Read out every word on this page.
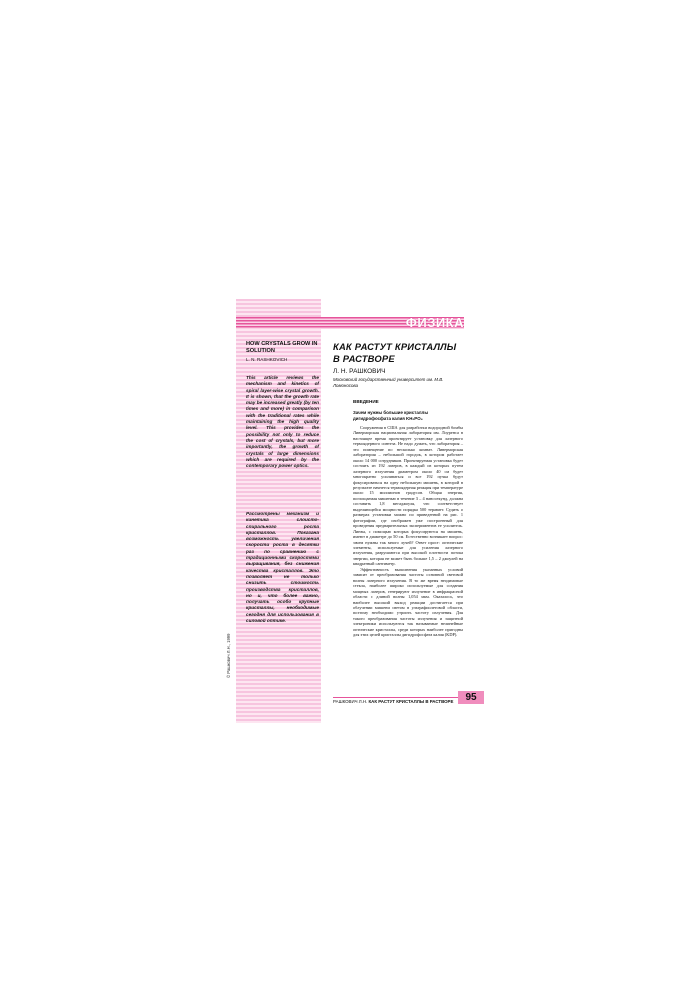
ФИЗИКА
HOW CRYSTALS GROW IN SOLUTION
L. N. RASHKOVICH
This article reviews the mechanism and kinetics of spiral layer-wise crystal growth. It is shown, that the growth rate may be increased greatly (by ten times and more) in comparison with the traditional rates while maintaining the high quality level. This provides the possibility not only to reduce the cost of crystals, but more importantly, the growth of crystals of large dimensions which are required by the contemporary power optics.
Рассмотрены механизм и кинетика слоисто-спирального роста кристаллов. Показана возможность увеличения скорости роста в десятки раз по сравнению с традиционными скоростями выращивания, без снижения качества кристаллов. Это позволяет не только снизить стоимость производства кристаллов, но и, что более важно, получать особо крупные кристаллы, необходимые сегодня для использования в силовой оптике.
© Рашкович Л.Н., 1999
КАК РАСТУТ КРИСТАЛЛЫ В РАСТВОРЕ
Л. Н. РАШКОВИЧ
Московский государственный университет им. М.В. Ломоносова
ВВЕДЕНИЕ
Зачем нужны большие кристаллы дигидрофосфата калия KH₂PO₄

Сооружения в США для разработки водородной бомбы Ливерморская национальная лаборатория им. Лоуренса в настоящее время проектирует установку для лазерного термоядерного синтеза. Не надо думать, что лаборатория – это помещение по несколько комнат. Ливерморская лаборатория – небольшой городок, в котором работает около 14 000 сотрудников. Проектируемая установка будет состоять из 192 лазеров, в каждый из которых путем лазерного излучения диаметром около 40 см будет многократно усиливаться и все 192 пучка будут фокусироваться на одну небольшую мишень, в которой в результате начнется термоядерная реакция при температуре около 15 миллионов градусов. Общая энергия, поглощаемая мишенью в течение 3 – 4 наносекунд, должна составить 1,8 мегаджоуля, что соответствует выделяющейся мощности порядка 500 тераватт. Судить о размерах установки можно по приведенной на рис. 1 фотографии, где изображен уже построенный для проведения предварительных экспериментов ее усилитель. Линзы, с помощью которых фокусируются на мишень, имеют в диаметре до 50 см. Естественно возникает вопрос: зачем нужны так много лучей? Ответ прост: оптические элементы, используемые для усиления лазерного излучения, разрушаются при высокой плотности потока энергии, которая не может быть больше 1,5 – 2 джоулей на квадратный сантиметр.

Эффективность выполнения указанных условий зависит от преобразования частоты основной световой волны лазерного излучения. В то же время неодимовые стекла, наиболее широко используемые для создания мощных лазеров, генерируют излучение в инфракрасной области с длиной волны 1,054 мкм. Оказалось, что наиболее высокий выход реакции достигается при облучении мишени светом в ультрафиолетовой области, поэтому необходимо утроить частоту излучения. Для такого преобразования частоты излучения и защитной электроники используются так называемые нелинейные оптические кристаллы, среди которых наиболее пригодны для этих целей кристаллы дигидрофосфата калия (KDP).

РАШКОВИЧ Л.Н. КАК РАСТУТ КРИСТАЛЛЫ В РАСТВОРЕ	95
